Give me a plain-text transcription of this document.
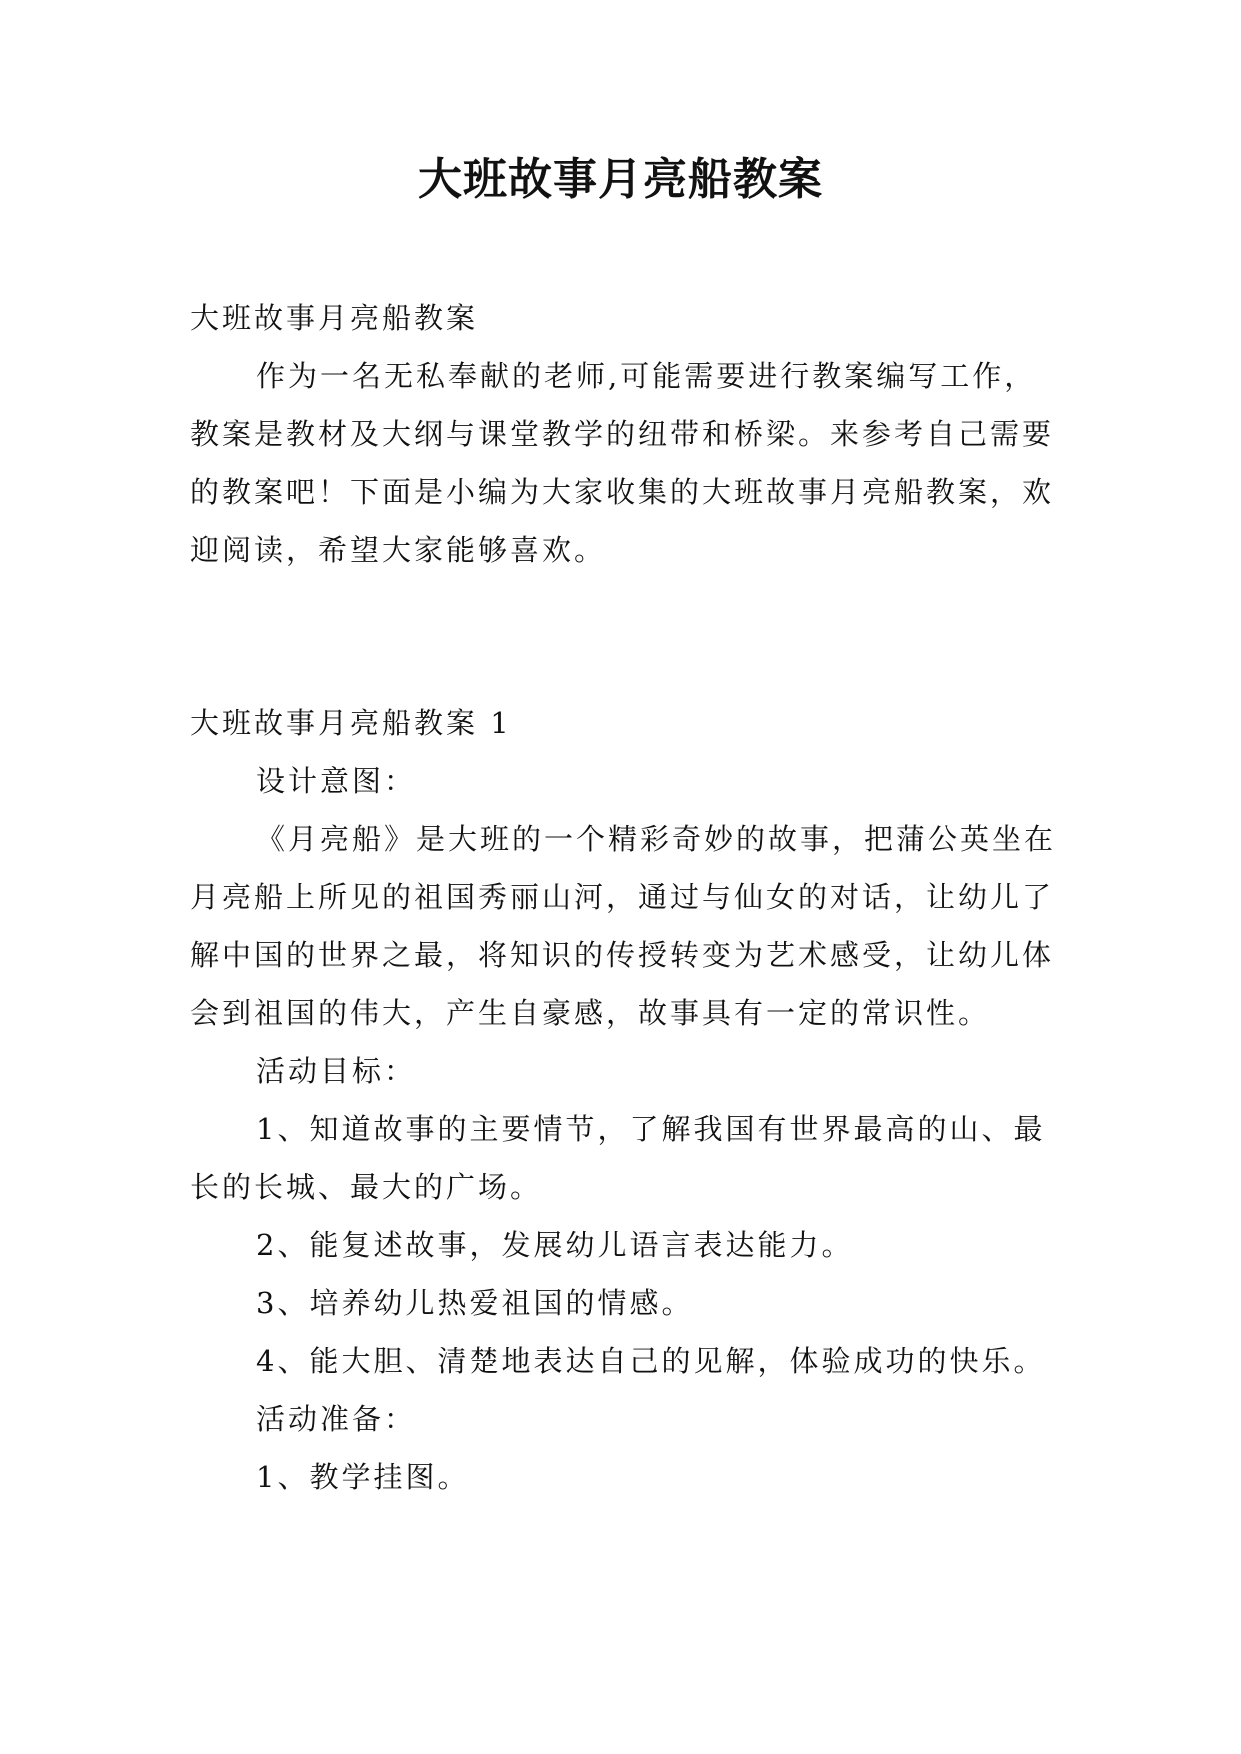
大班故事月亮船教案

大班故事月亮船教案

作为一名无私奉献的老师,可能需要进行教案编写工作，教案是教材及大纲与课堂教学的纽带和桥梁。来参考自己需要的教案吧！下面是小编为大家收集的大班故事月亮船教案，欢迎阅读，希望大家能够喜欢。

大班故事月亮船教案 1

设计意图：

《月亮船》是大班的一个精彩奇妙的故事，把蒲公英坐在月亮船上所见的祖国秀丽山河，通过与仙女的对话，让幼儿了解中国的世界之最，将知识的传授转变为艺术感受，让幼儿体会到祖国的伟大，产生自豪感，故事具有一定的常识性。

活动目标：

1、知道故事的主要情节，了解我国有世界最高的山、最长的长城、最大的广场。

2、能复述故事，发展幼儿语言表达能力。

3、培养幼儿热爱祖国的情感。

4、能大胆、清楚地表达自己的见解，体验成功的快乐。

活动准备：

1、教学挂图。
